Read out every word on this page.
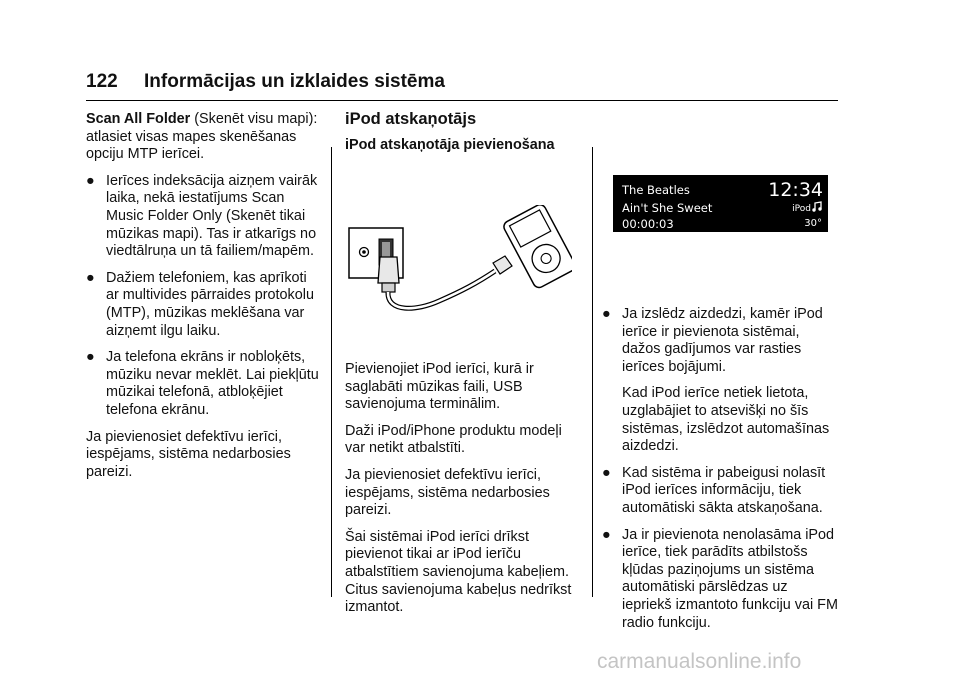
122 Informācijas un izklaides sistēma

Scan All Folder (Skenēt visu mapi): atlasiet visas mapes skenēšanas opciju MTP ierīcei.

● Ierīces indeksācija aizņem vairāk laika, nekā iestatījums Scan Music Folder Only (Skenēt tikai mūzikas mapi). Tas ir atkarīgs no viedtālruņa un tā failiem/mapēm.
● Dažiem telefoniem, kas aprīkoti ar multivides pārraides protokolu (MTP), mūzikas meklēšana var aizņemt ilgu laiku.
● Ja telefona ekrāns ir nobloķēts, mūziku nevar meklēt. Lai piekļūtu mūzikai telefonā, atbloķējiet telefona ekrānu.

Ja pievienosiet defektīvu ierīci, iespējams, sistēma nedarbosies pareizi.

iPod atskaņotājs
iPod atskaņotāja pievienošana

Pievienojiet iPod ierīci, kurā ir saglabāti mūzikas faili, USB savienojuma terminālim.

Daži iPod/iPhone produktu modeļi var netikt atbalstīti.

Ja pievienosiet defektīvu ierīci, iespējams, sistēma nedarbosies pareizi.

Šai sistēmai iPod ierīci drīkst pievienot tikai ar iPod ierīču atbalstītiem savienojuma kabeļiem. Citus savienojuma kabeļus nedrīkst izmantot.

The Beatles	12:34
Ain't She Sweet	iPod
00:00:03	30°
● Ja izslēdz aizdedzi, kamēr iPod ierīce ir pievienota sistēmai, dažos gadījumos var rasties ierīces bojājumi.
Kad iPod ierīce netiek lietota, uzglabājiet to atsevišķi no šīs sistēmas, izslēdzot automašīnas aizdedzi.
● Kad sistēma ir pabeigusi nolasīt iPod ierīces informāciju, tiek automātiski sākta atskaņošana.
● Ja ir pievienota nenolasāma iPod ierīce, tiek parādīts atbilstošs kļūdas paziņojums un sistēma automātiski pārslēdzas uz iepriekš izmantoto funkciju vai FM radio funkciju.
carmanualsonline.info
